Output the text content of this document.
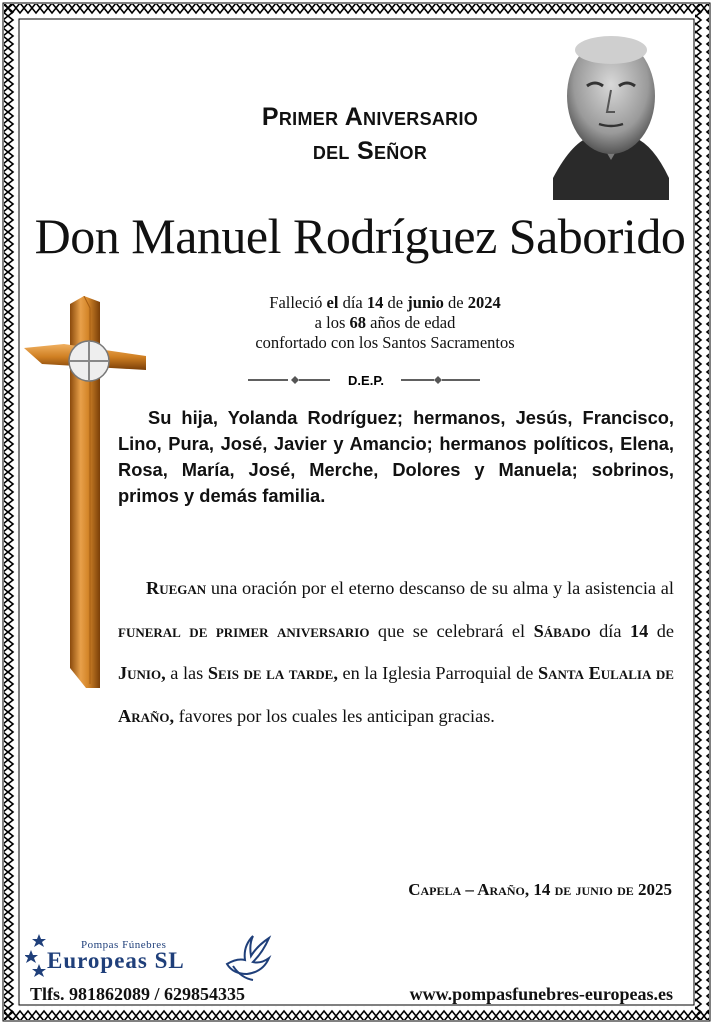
Primer Aniversario
del Señor
Don Manuel Rodríguez Saborido
Falleció el día 14 de junio de 2024
a los 68 años de edad
confortado con los Santos Sacramentos
D.E.P.
Su hija, Yolanda Rodríguez; hermanos, Jesús, Francisco, Lino, Pura, José, Javier y Amancio; hermanos políticos, Elena, Rosa, María, José, Merche, Dolores y Manuela; sobrinos, primos y demás familia.
Ruegan una oración por el eterno descanso de su alma y la asistencia al funeral de primer aniversario que se celebrará el Sábado día 14 de Junio, a las Seis de la tarde, en la Iglesia Parroquial de Santa Eulalia de Araño, favores por los cuales les anticipan gracias.
Capela – Araño, 14 de junio de 2025
Pompas Fúnebres
Europeas SL
Tlfs. 981862089 / 629854335	www.pompasfunebres-europeas.es
